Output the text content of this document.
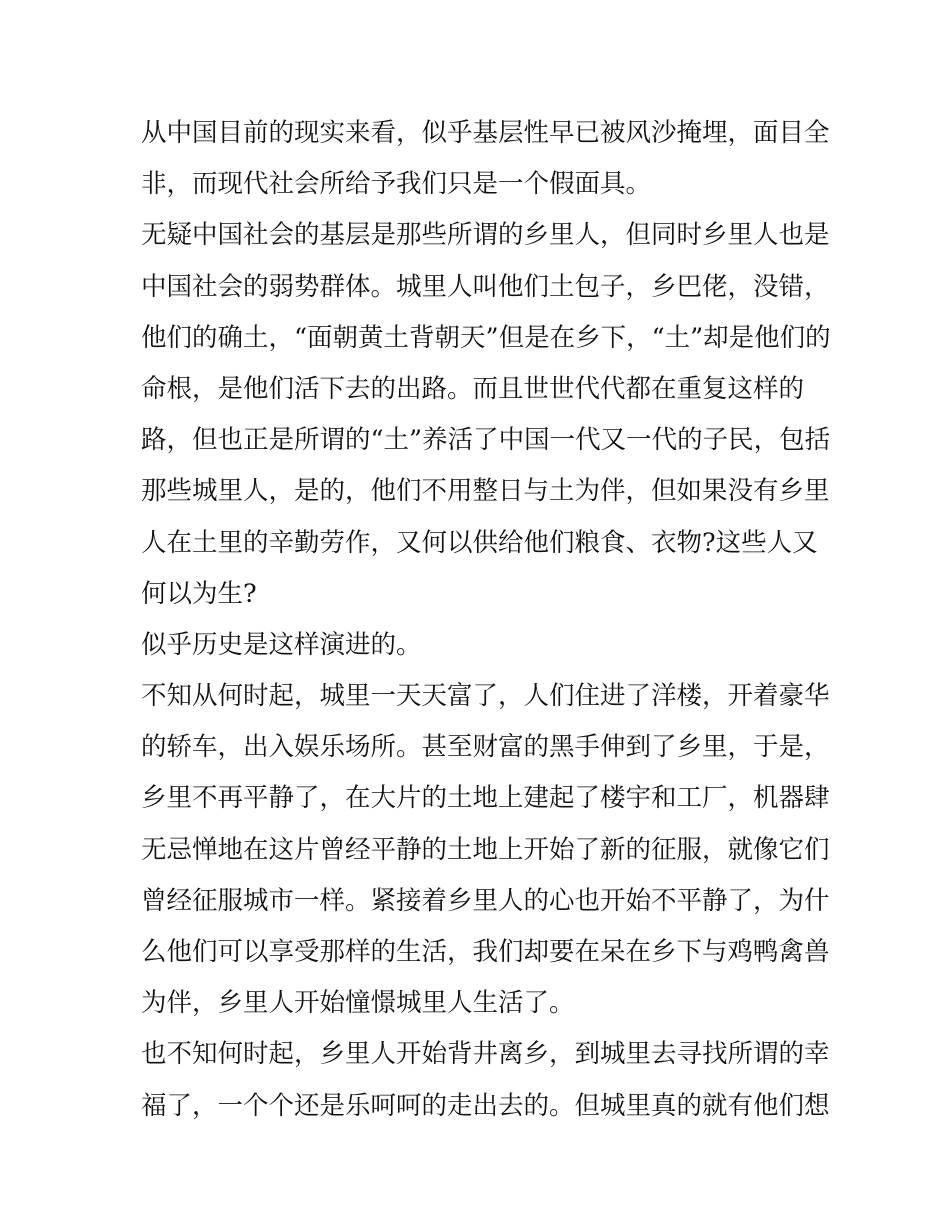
从中国目前的现实来看，似乎基层性早已被风沙掩埋，面目全
非，而现代社会所给予我们只是一个假面具。
无疑中国社会的基层是那些所谓的乡里人，但同时乡里人也是
中国社会的弱势群体。城里人叫他们土包子，乡巴佬，没错，
他们的确土，“面朝黄土背朝天”但是在乡下，“土”却是他们的
命根，是他们活下去的出路。而且世世代代都在重复这样的
路，但也正是所谓的“土”养活了中国一代又一代的子民，包括
那些城里人，是的，他们不用整日与土为伴，但如果没有乡里
人在土里的辛勤劳作，又何以供给他们粮食、衣物?这些人又
何以为生?
似乎历史是这样演进的。
不知从何时起，城里一天天富了，人们住进了洋楼，开着豪华
的轿车，出入娱乐场所。甚至财富的黑手伸到了乡里，于是，
乡里不再平静了，在大片的土地上建起了楼宇和工厂，机器肆
无忌惮地在这片曾经平静的土地上开始了新的征服，就像它们
曾经征服城市一样。紧接着乡里人的心也开始不平静了，为什
么他们可以享受那样的生活，我们却要在呆在乡下与鸡鸭禽兽
为伴，乡里人开始憧憬城里人生活了。
也不知何时起，乡里人开始背井离乡，到城里去寻找所谓的幸
福了，一个个还是乐呵呵的走出去的。但城里真的就有他们想
